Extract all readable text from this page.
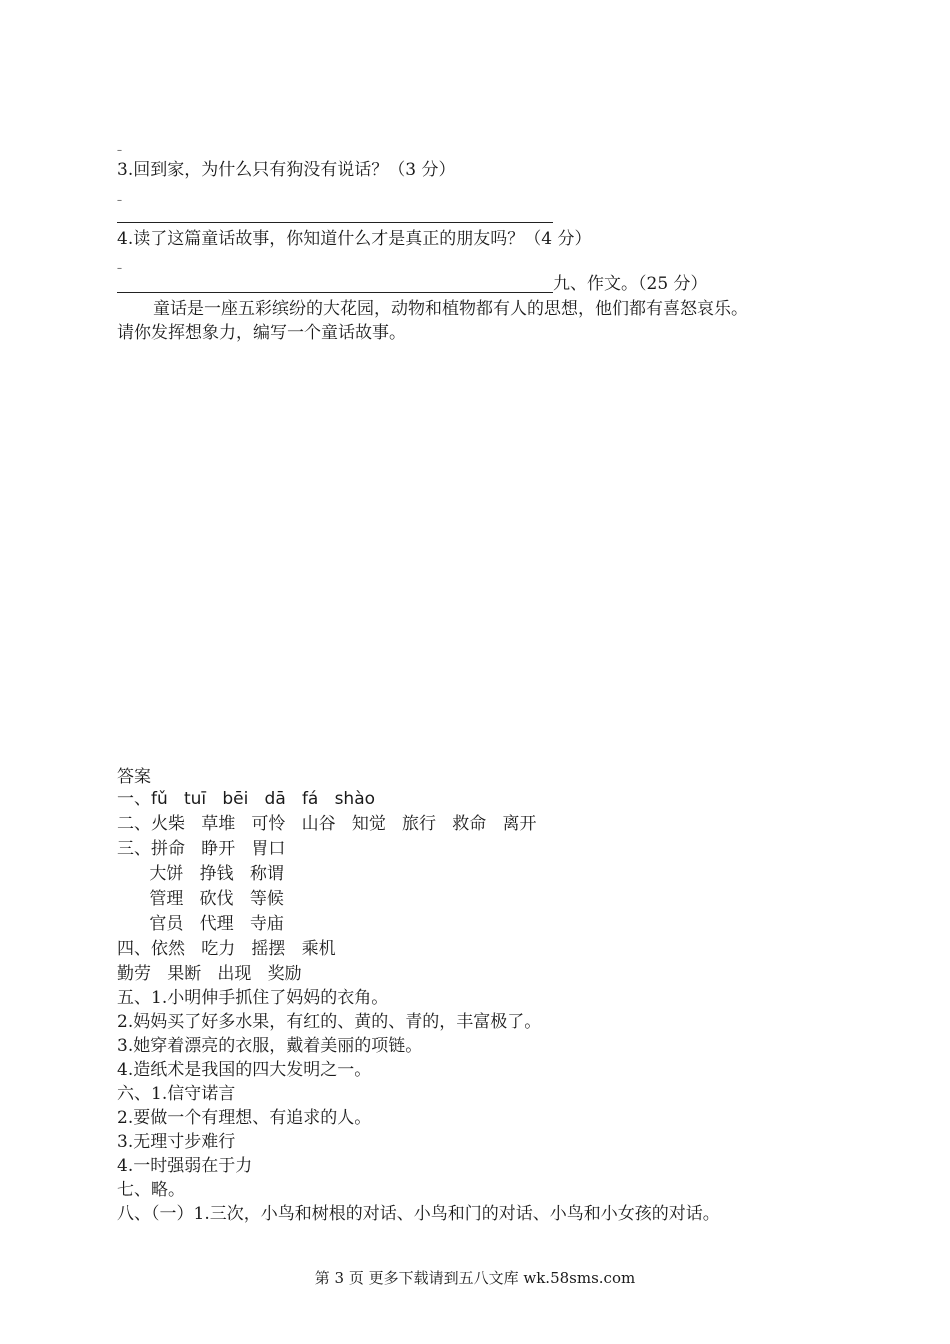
–
3.回到家，为什么只有狗没有说话？（3 分）
–
4.读了这篇童话故事，你知道什么才是真正的朋友吗？（4 分）
–
九、作文。（25 分）
童话是一座五彩缤纷的大花园，动物和植物都有人的思想，他们都有喜怒哀乐。
请你发挥想象力，编写一个童话故事。
答案
一、fǔ   tuī   bēi   dā   fá   shào
二、火柴   草堆   可怜   山谷   知觉   旅行   救命   离开
三、拼命   睁开   胃口
大饼   挣钱   称谓
管理   砍伐   等候
官员   代理   寺庙
四、依然   吃力   摇摆   乘机
勤劳   果断   出现   奖励
五、1.小明伸手抓住了妈妈的衣角。
2.妈妈买了好多水果，有红的、黄的、青的，丰富极了。
3.她穿着漂亮的衣服，戴着美丽的项链。
4.造纸术是我国的四大发明之一。
六、1.信守诺言
2.要做一个有理想、有追求的人。
3.无理寸步难行
4.一时强弱在于力
七、略。
八、（一）1.三次，小鸟和树根的对话、小鸟和门的对话、小鸟和小女孩的对话。
第 3 页 更多下载请到五八文库 wk.58sms.com
